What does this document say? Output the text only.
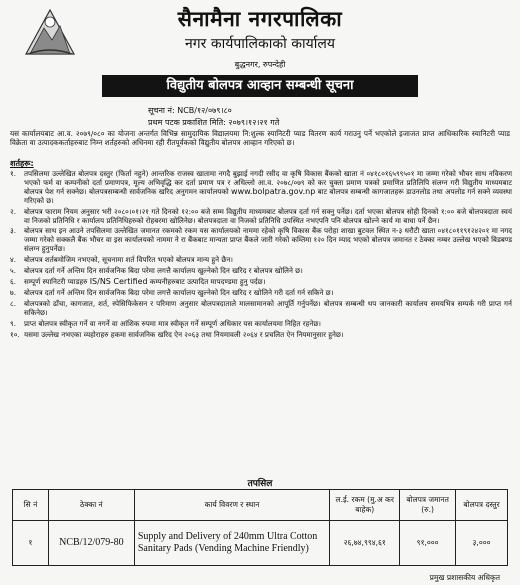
सैनामैना नगरपालिका
नगर कार्यपालिकाको कार्यालय
बुद्धनगर, रुपन्देही
विद्युतीय बोलपत्र आव्हान सम्बन्धी सूचना
सूचना नं: NCB/१२/०७९।८०
प्रथम पटक प्रकाशित मिति: २०७९।१२।२१ गते
यस कार्यालयबाट आ.व. २०७९/०८० का योजना अन्तर्गत विभिन्न सामुदायिक विद्यालयमा नि:शुल्क स्यानिटरी प्याड वितरण कार्य गराउनु पर्ने भएकोले इजाजत प्राप्त आधिकारिक स्यानिटरी प्याड विक्रेता वा उत्पादककर्ताहरुबाट निम्न शर्तहरुको अधिनमा रही रीतपूर्वकको विद्युतीय बोलपत्र आव्हान गरिएको छ।
शर्तहरू:
१.	तपसिलमा उल्लेखित बोलपत्र दस्तुर (फिर्ता नहुने) आन्तरिक राजस्व खातामा नगदै बुझाई नगदी रसीद वा कृषि विकास बैंकको खाता नं ०४१८०१६५९९५०१ मा जम्मा गरेको भौचर साथ नविकरण भएको फर्म वा कम्पनीको दर्ता प्रमाणपत्र, मूल्य अभिवृद्धि कर दर्ता प्रमाण पत्र र अधिल्लो आ.व. २०७८/०७९ को कर चुक्ता प्रमाण पत्रको प्रमाणित प्रतिलिपि संलग्न गरी विद्युतीय माध्यमबाट बोलपत्र पेश गर्न सक्नेछ। बोलपत्रसम्बन्धी सार्वजनिक खरिद अनुगमन कार्यालयको www.bolpatra.gov.np बाट बोलपत्र सम्बन्धी कागजातहरू डाउनलोड तथा अपलोड गर्न सक्ने व्यवस्था गरिएको छ।
२.	बोलपत्र फाराम नियम अनुसार भरी २०८०।०१।२१ गते दिनको १२:०० बजे सम्म विद्युतीय माध्यमबाट बोलपत्र दर्ता गर्न सक्नु पर्नेछ। दर्ता भएका बोलपत्र सोही दिनको १:०० बजे बोलपत्रदाता स्वयं वा निजको प्रतिनिधि र कार्यालय प्रतिनिधिहरुको रोहबरमा खोलिनेछ। बोलपत्रदाता वा निजको प्रतिनिधि उपस्थित नभएपनि पनि बोलपत्र खोल्ने कार्य मा बाधा पर्ने छैन।
३.	बोलपत्र साथ इन आउने तपसिलमा उल्लेखित जमानत रकमको रकम यस कार्यालयको नाममा रहेको कृषि विकास बैंक परोहा शाखा बुटवल स्थित न-३ धरौटी खाता ०४१८०११९१२४२०१ मा नगद जम्मा गरेको सक्कलै बैंक भौचर वा इस कार्यालयको नाममा ने रा बैंकबाट मान्यता प्राप्त बैंकले जारी गरेको कम्तिमा १२० दिन म्याद भएको बोलपत्र जमानत र ठेक्का नम्बर उल्लेख भएको बिडबण्ड संलग्न हुनुपर्नेछ।
४.	बोलपत्र शर्तबमोजिम नभएको, सूचनामा शर्त विपरित भएको बोलपत्र मान्य हुने छैन।
५.	बोलपत्र दर्ता गर्ने अन्तिम दिन सार्वजनिक बिदा परेमा लगत्तै कार्यालय खुल्नेको दिन खरिद र बोलपत्र खोलिने छ।
६.	सम्पूर्ण स्यानिटरी प्याडहरु IS/NS Certified कम्पनीहरुबाट उत्पादित मापदण्डमा हुनु पर्दछ।
७.	बोलपत्र दर्ता गर्ने अन्तिम दिन सार्वजनिक बिदा परेमा लगत्तै कार्यालय खुल्नेको दिन खरिद र खोलिने गरी दर्ता गर्न सकिने छ।
८.	बोलपत्रको ढाँचा, कागजात, शर्त, स्पेसिफिकेसन र परिमाण अनुसार बोलपत्रदाताले मालसामानको आपूर्ति गर्नुपर्नेछ। बोलपत्र सम्बन्धी थप जानकारी कार्यालय समयभित्र सम्पर्क गरी प्राप्त गर्न सकिनेछ।
९.	प्राप्त बोलपत्र स्वीकृत गर्ने वा नगर्ने वा आंशिक रुपमा मात्र स्वीकृत गर्ने सम्पूर्ण अधिकार यस कार्यालयमा निहित रहनेछ।
१०. यसमा उल्लेख नभएका व्यहोराहरु हकमा सार्वजनिक खरिद ऐन २०६३ तथा नियमावली २०६४ र प्रचलित ऐन नियमानुसार हुनेछ।
तपसिल
सि नं	ठेक्का नं	कार्य विवरण र स्थान	ल.ई. रकम (मु.अ कर बाहेक)	बोलपत्र जमानत (रु.)	बोलपत्र दस्तुर
१	NCB/12/079-80	Supply and Delivery of 240mm Ultra Cotton Sanitary Pads (Vending Machine Friendly)	२६,७४,९९४,६१	९१,०००	३,०००
प्रमुख प्रशासकीय अधिकृत
